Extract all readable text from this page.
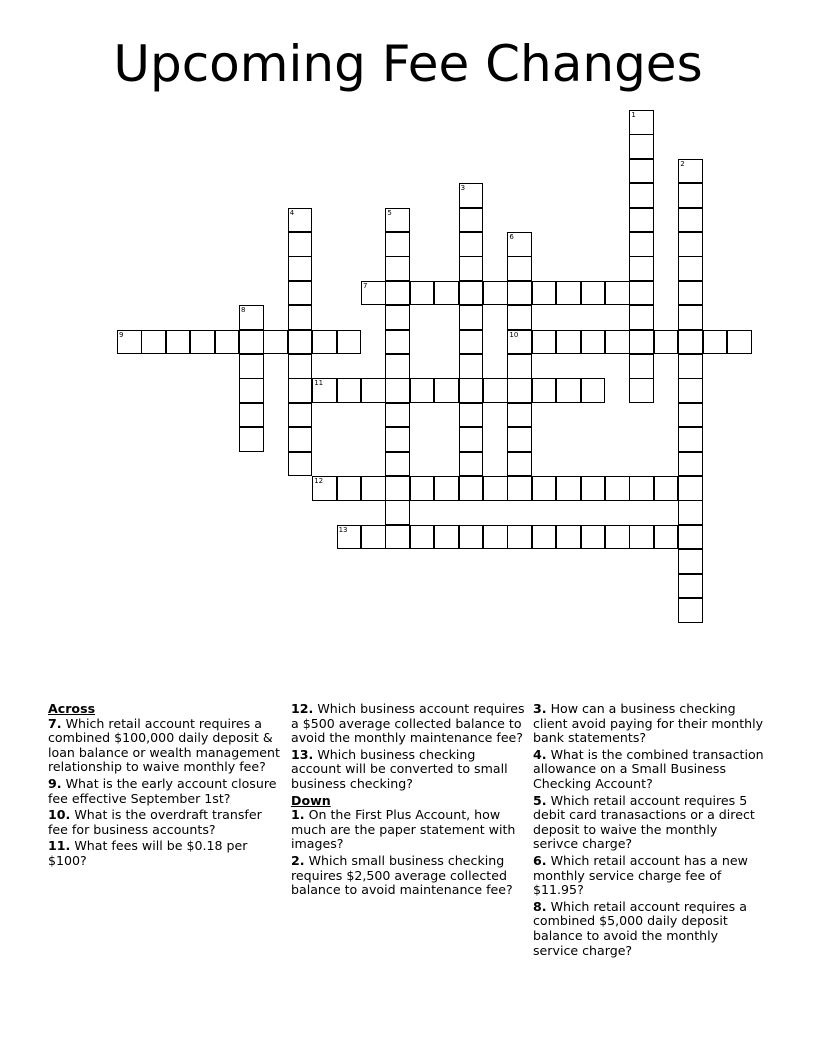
Upcoming Fee Changes
1
2
3
4	5
6
10
7
8
9
11
12
13
Across
7. Which retail account requires a combined $100,000 daily deposit & loan balance or wealth management relationship to waive monthly fee?
9. What is the early account closure fee effective September 1st?
10. What is the overdraft transfer fee for business accounts?
11. What fees will be $0.18 per $100?
12. Which business account requires a $500 average collected balance to avoid the monthly maintenance fee?
13. Which business checking account will be converted to small business checking?
Down
1. On the First Plus Account, how much are the paper statement with images?
2. Which small business checking requires $2,500 average collected balance to avoid maintenance fee?
3. How can a business checking client avoid paying for their monthly bank statements?
4. What is the combined transaction allowance on a Small Business Checking Account?
5. Which retail account requires 5 debit card tranasactions or a direct deposit to waive the monthly serivce charge?
6. Which retail account has a new monthly service charge fee of $11.95?
8. Which retail account requires a combined $5,000 daily deposit balance to avoid the monthly service charge?
